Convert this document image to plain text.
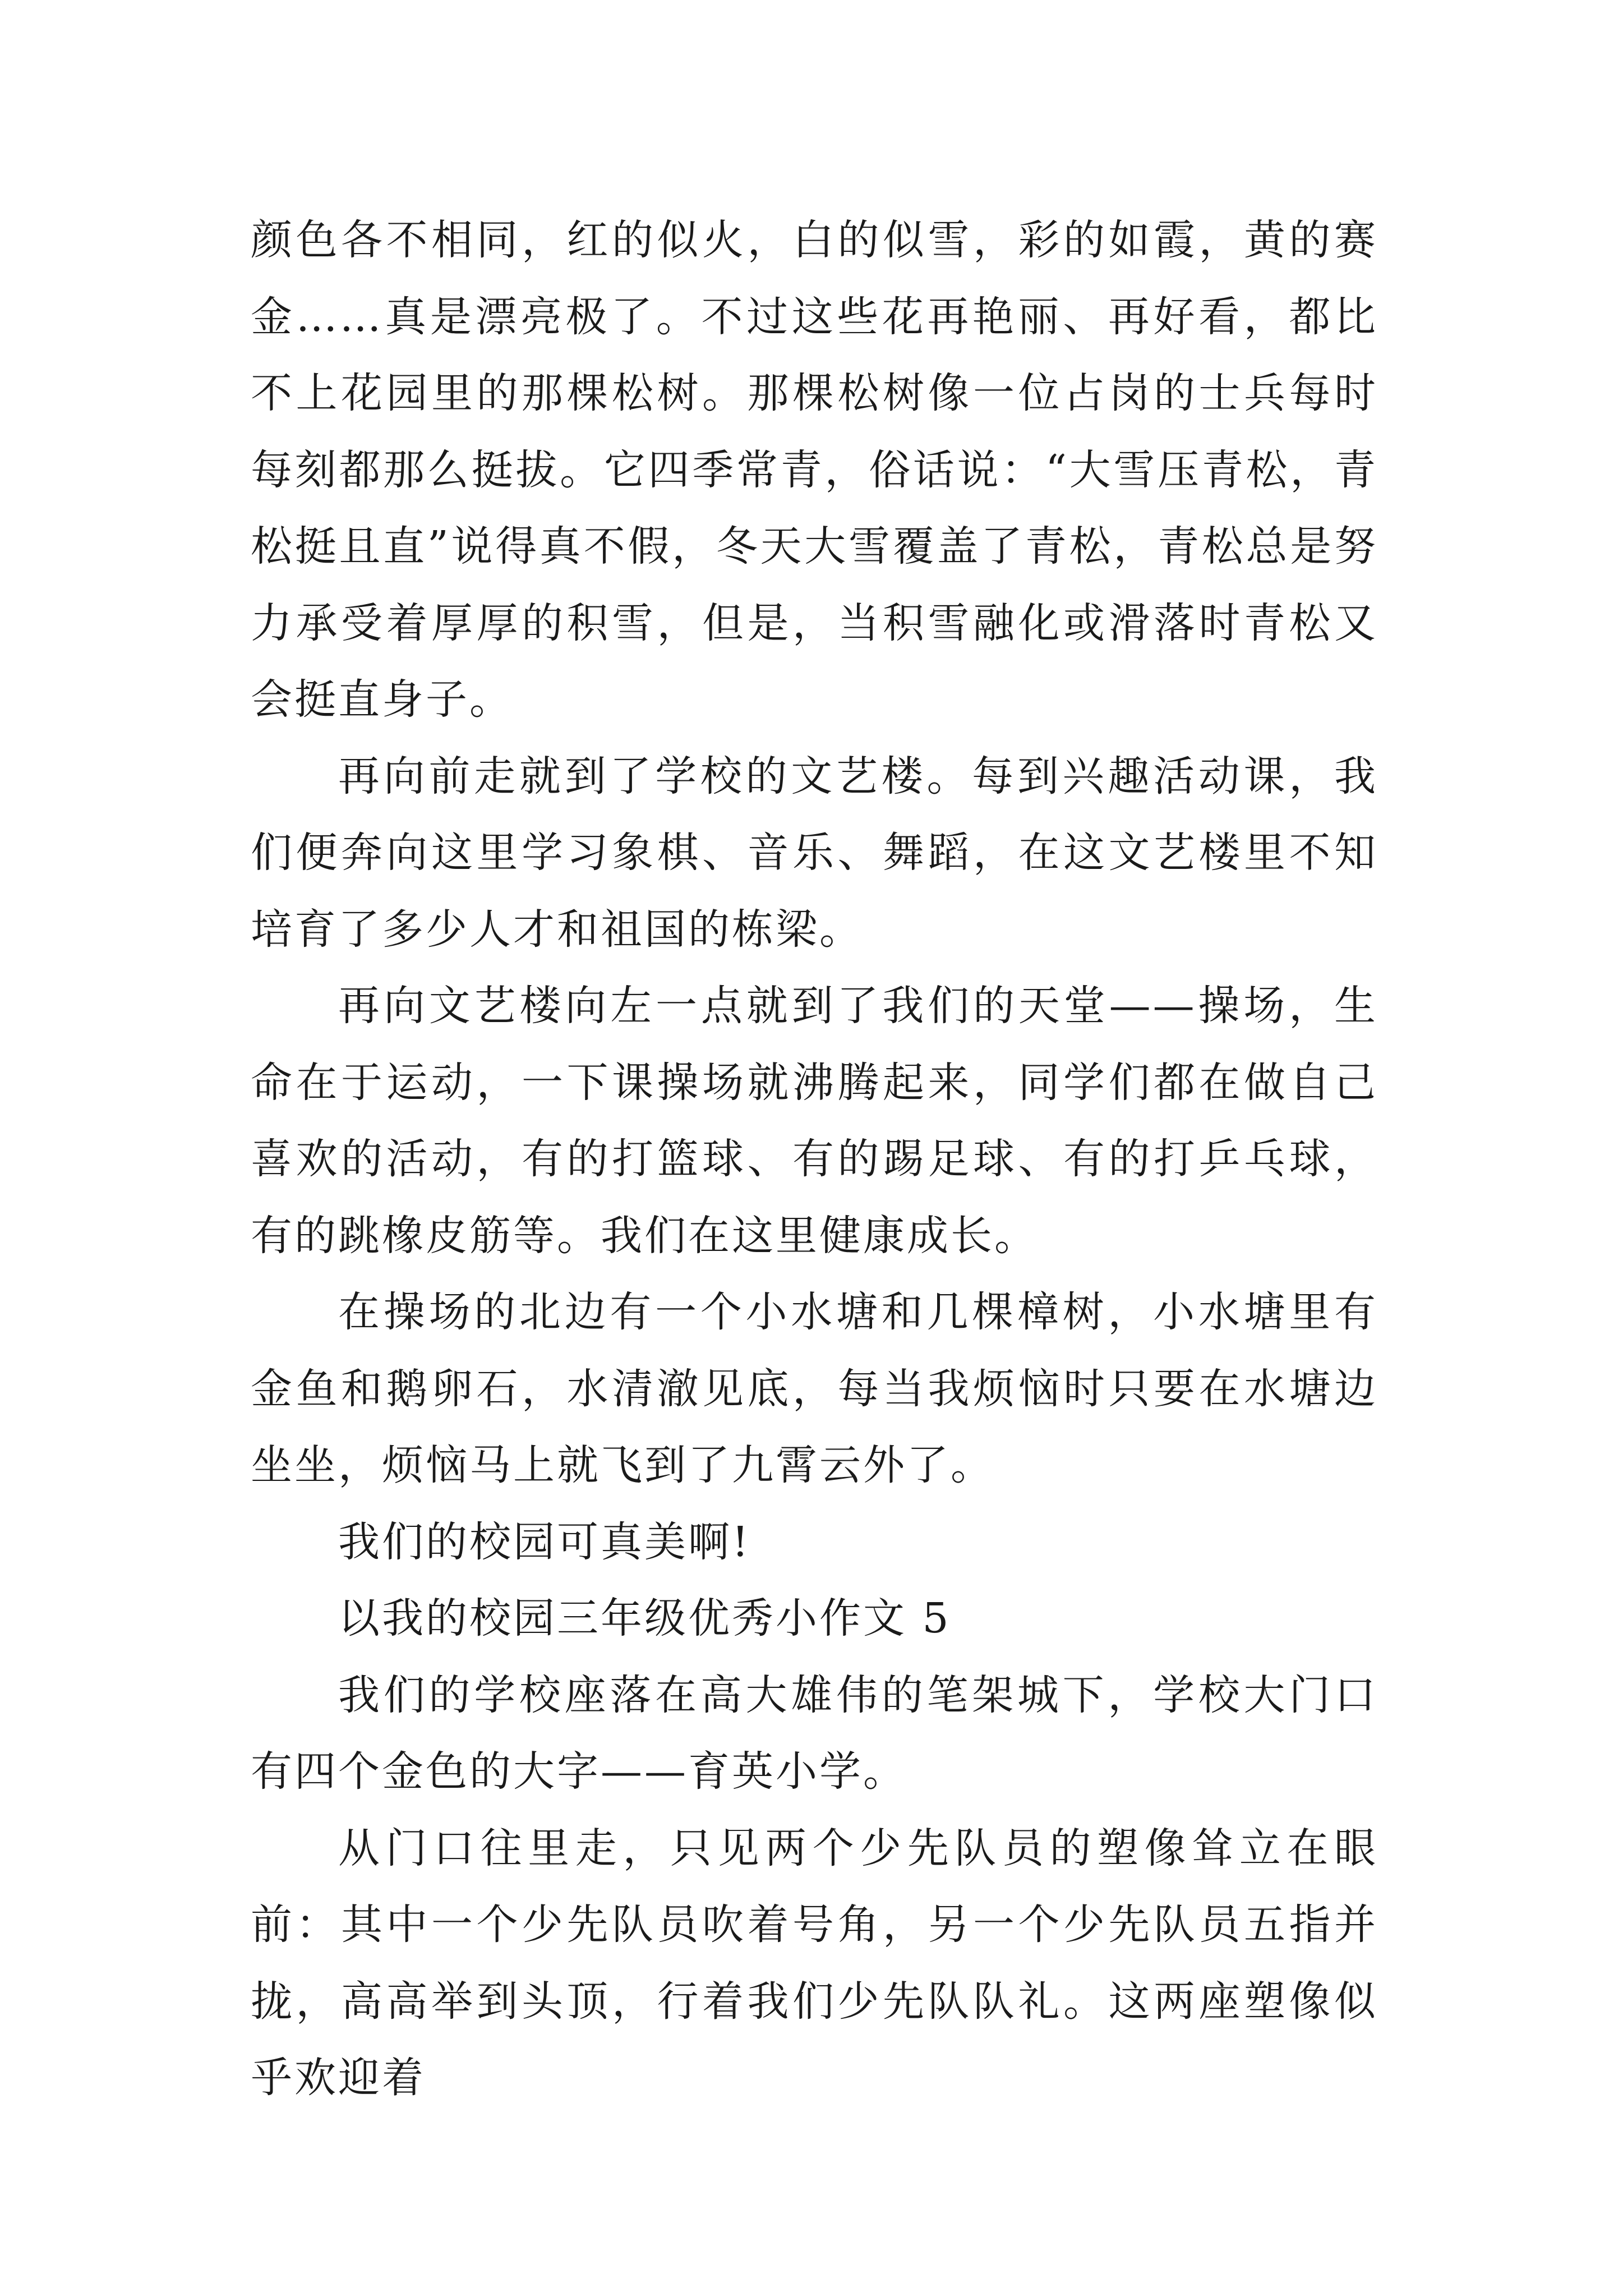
颜色各不相同，红的似火，白的似雪，彩的如霞，黄的赛金……真是漂亮极了。不过这些花再艳丽、再好看，都比不上花园里的那棵松树。那棵松树像一位占岗的士兵每时每刻都那么挺拔。它四季常青，俗话说：“大雪压青松，青松挺且直”说得真不假，冬天大雪覆盖了青松，青松总是努力承受着厚厚的积雪，但是，当积雪融化或滑落时青松又会挺直身子。

再向前走就到了学校的文艺楼。每到兴趣活动课，我们便奔向这里学习象棋、音乐、舞蹈，在这文艺楼里不知培育了多少人才和祖国的栋梁。

再向文艺楼向左一点就到了我们的天堂——操场，生命在于运动，一下课操场就沸腾起来，同学们都在做自己喜欢的活动，有的打篮球、有的踢足球、有的打乒乓球，有的跳橡皮筋等。我们在这里健康成长。

在操场的北边有一个小水塘和几棵樟树，小水塘里有金鱼和鹅卵石，水清澈见底，每当我烦恼时只要在水塘边坐坐，烦恼马上就飞到了九霄云外了。

我们的校园可真美啊!

以我的校园三年级优秀小作文 5

我们的学校座落在高大雄伟的笔架城下，学校大门口有四个金色的大字——育英小学。

从门口往里走，只见两个少先队员的塑像耸立在眼前：其中一个少先队员吹着号角，另一个少先队员五指并拢，高高举到头顶，行着我们少先队队礼。这两座塑像似乎欢迎着
